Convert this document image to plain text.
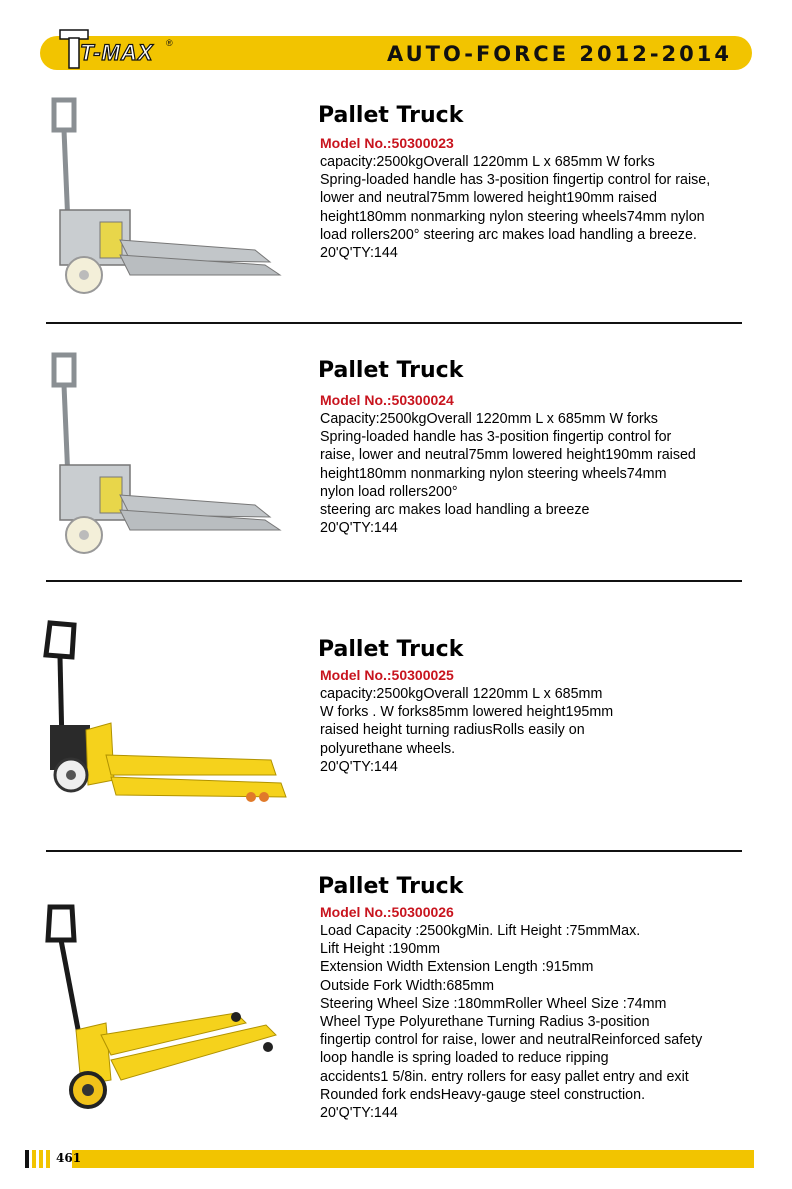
T-MAX ®	AUTO-FORCE 2012-2014
Pallet Truck
Model No.:50300023
capacity:2500kgOverall 1220mm L x 685mm W forks
Spring-loaded handle has 3-position fingertip control for raise,
lower and neutral75mm lowered height190mm raised
height180mm nonmarking nylon steering wheels74mm nylon
load rollers200° steering arc makes load handling a breeze.
20'Q'TY:144
Pallet Truck
Model No.:50300024
Capacity:2500kgOverall 1220mm L x 685mm W forks
Spring-loaded handle has 3-position fingertip control for
raise, lower and neutral75mm lowered height190mm raised
height180mm nonmarking nylon steering wheels74mm
nylon load rollers200°
steering arc makes load handling a breeze
20'Q'TY:144
Pallet Truck
Model No.:50300025
capacity:2500kgOverall 1220mm L x 685mm
W forks . W forks85mm lowered height195mm
raised height turning radiusRolls easily on
polyurethane wheels.
20'Q'TY:144
Pallet Truck
Model No.:50300026
Load Capacity :2500kgMin. Lift Height :75mmMax.
Lift Height :190mm
Extension Width Extension Length :915mm
Outside Fork Width:685mm
Steering Wheel Size :180mmRoller Wheel Size :74mm
Wheel Type Polyurethane Turning Radius 3-position
fingertip control for raise, lower and neutralReinforced safety
loop handle is spring loaded to reduce ripping
accidents1 5/8in. entry rollers for easy pallet entry and exit
Rounded fork endsHeavy-gauge steel construction.
20'Q'TY:144
461
